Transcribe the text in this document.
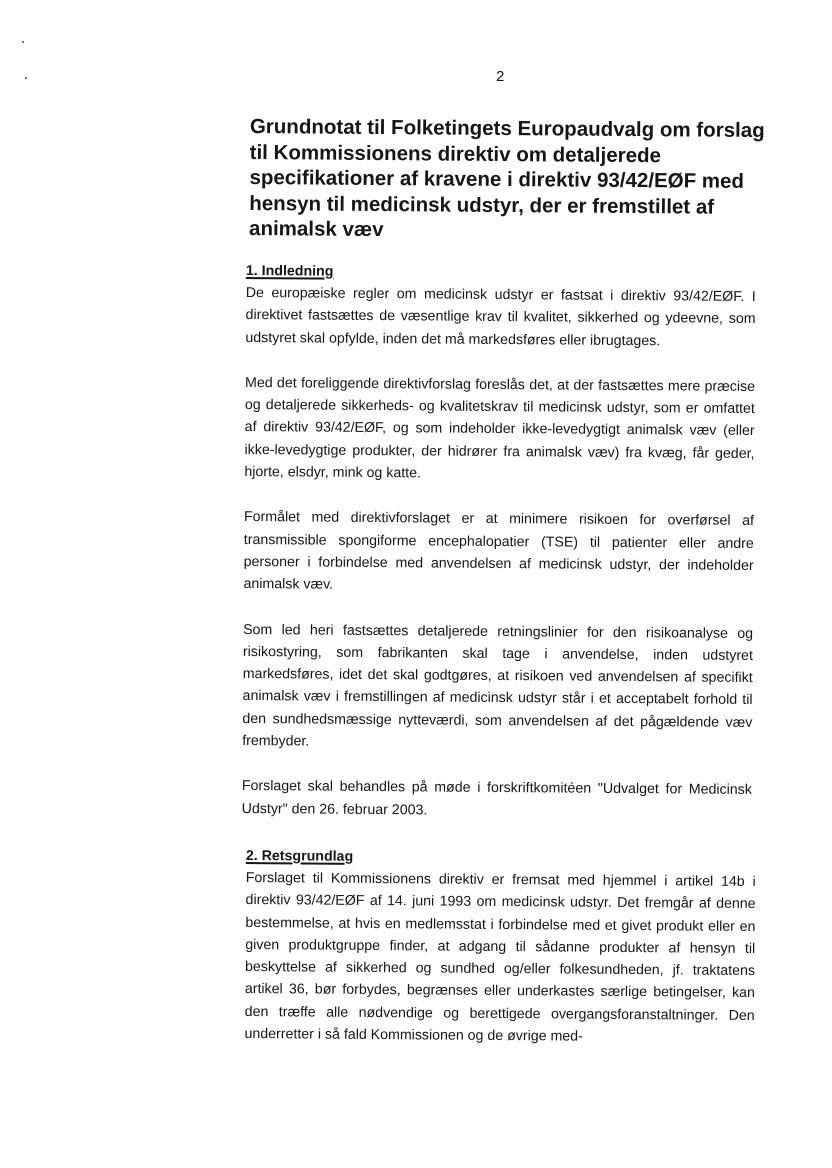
2
Grundnotat til Folketingets Europaudvalg om forslag til Kommissionens direktiv om detaljerede specifikationer af kravene i direktiv 93/42/EØF med hensyn til medicinsk udstyr, der er fremstillet af animalsk væv
1. Indledning

De europæiske regler om medicinsk udstyr er fastsat i direktiv 93/42/EØF. I direktivet fastsættes de væsentlige krav til kvalitet, sikkerhed og ydeevne, som udstyret skal opfylde, inden det må markedsføres eller ibrugtages.

Med det foreliggende direktivforslag foreslås det, at der fastsættes mere præcise og detaljerede sikkerheds- og kvalitetskrav til medicinsk udstyr, som er omfattet af direktiv 93/42/EØF, og som indeholder ikke-levedygtigt animalsk væv (eller ikke-levedygtige produkter, der hidrører fra animalsk væv) fra kvæg, får geder, hjorte, elsdyr, mink og katte.

Formålet med direktivforslaget er at minimere risikoen for overførsel af transmissible spongiforme encephalopatier (TSE) til patienter eller andre personer i forbindelse med anvendelsen af medicinsk udstyr, der indeholder animalsk væv.

Som led heri fastsættes detaljerede retningslinier for den risikoanalyse og risikostyring, som fabrikanten skal tage i anvendelse, inden udstyret markedsføres, idet det skal godtgøres, at risikoen ved anvendelsen af specifikt animalsk væv i fremstillingen af medicinsk udstyr står i et acceptabelt forhold til den sundhedsmæssige nytteværdi, som anvendelsen af det pågældende væv frembyder.

Forslaget skal behandles på møde i forskriftkomitéen "Udvalget for Medicinsk Udstyr" den 26. februar 2003.

2. Retsgrundlag

Forslaget til Kommissionens direktiv er fremsat med hjemmel i artikel 14b i direktiv 93/42/EØF af 14. juni 1993 om medicinsk udstyr. Det fremgår af denne bestemmelse, at hvis en medlemsstat i forbindelse med et givet produkt eller en given produktgruppe finder, at adgang til sådanne produkter af hensyn til beskyttelse af sikkerhed og sundhed og/eller folkesundheden, jf. traktatens artikel 36, bør forbydes, begrænses eller underkastes særlige betingelser, kan den træffe alle nødvendige og berettigede overgangsforanstaltninger. Den underretter i så fald Kommissionen og de øvrige med-
